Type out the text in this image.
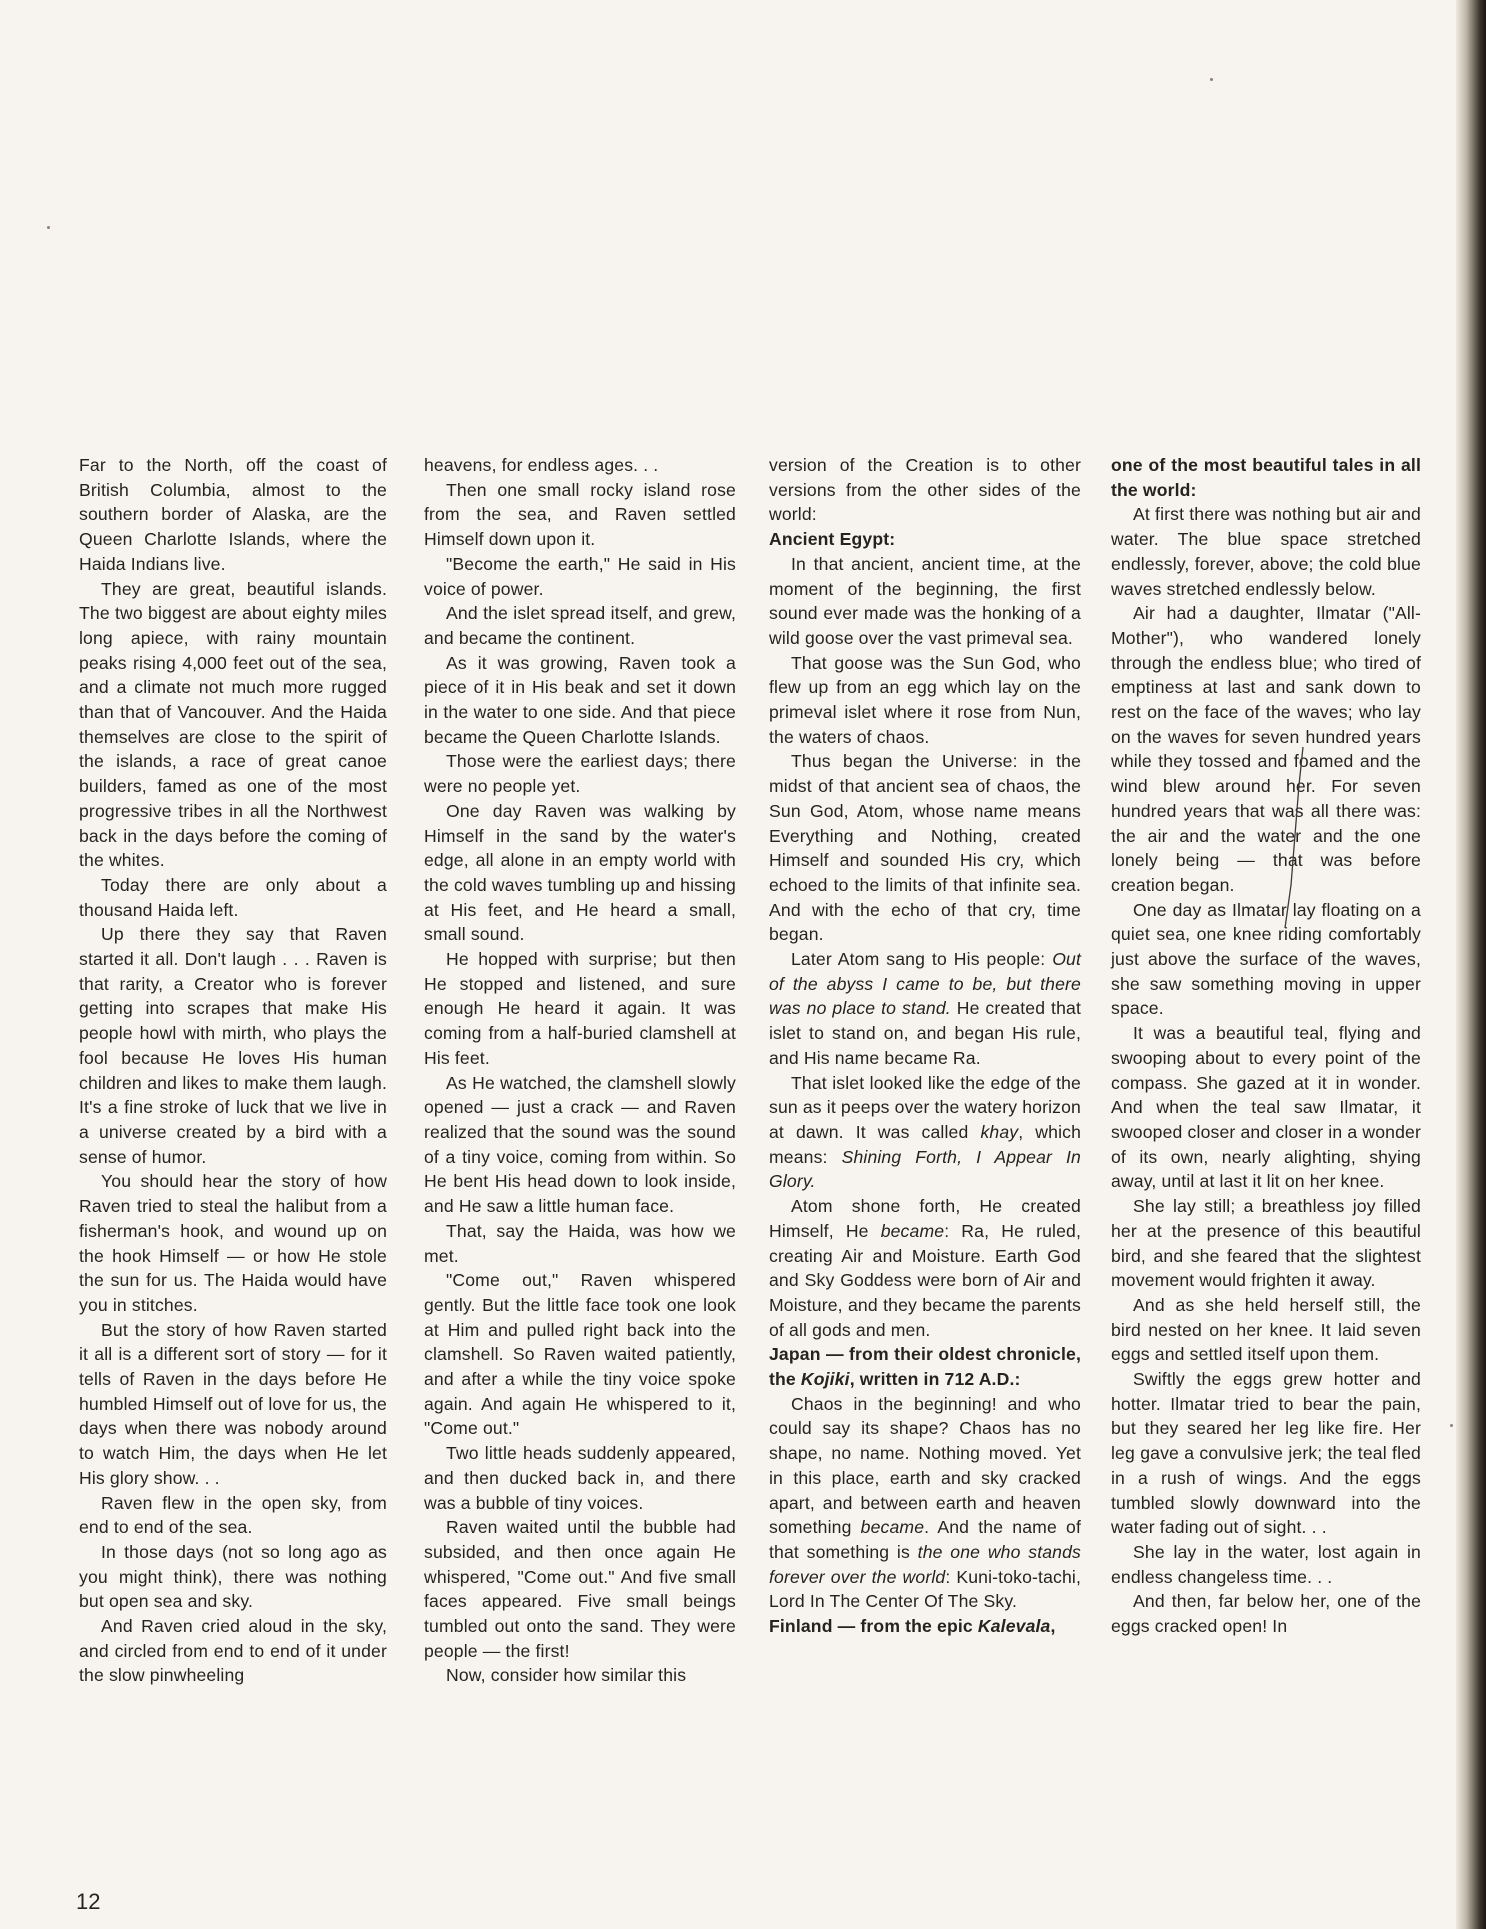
Far to the North, off the coast of British Columbia, almost to the southern border of Alaska, are the Queen Charlotte Islands, where the Haida Indians live.

They are great, beautiful islands. The two biggest are about eighty miles long apiece, with rainy mountain peaks rising 4,000 feet out of the sea, and a climate not much more rugged than that of Vancouver. And the Haida themselves are close to the spirit of the islands, a race of great canoe builders, famed as one of the most progressive tribes in all the Northwest back in the days before the coming of the whites.

Today there are only about a thousand Haida left.

Up there they say that Raven started it all. Don't laugh . . . Raven is that rarity, a Creator who is forever getting into scrapes that make His people howl with mirth, who plays the fool because He loves His human children and likes to make them laugh. It's a fine stroke of luck that we live in a universe created by a bird with a sense of humor.

You should hear the story of how Raven tried to steal the halibut from a fisherman's hook, and wound up on the hook Himself — or how He stole the sun for us. The Haida would have you in stitches.

But the story of how Raven started it all is a different sort of story — for it tells of Raven in the days before He humbled Himself out of love for us, the days when there was nobody around to watch Him, the days when He let His glory show. . .

Raven flew in the open sky, from end to end of the sea.

In those days (not so long ago as you might think), there was nothing but open sea and sky.

And Raven cried aloud in the sky, and circled from end to end of it under the slow pinwheeling

heavens, for endless ages. . .

Then one small rocky island rose from the sea, and Raven settled Himself down upon it.

"Become the earth," He said in His voice of power.

And the islet spread itself, and grew, and became the continent.

As it was growing, Raven took a piece of it in His beak and set it down in the water to one side. And that piece became the Queen Charlotte Islands.

Those were the earliest days; there were no people yet.

One day Raven was walking by Himself in the sand by the water's edge, all alone in an empty world with the cold waves tumbling up and hissing at His feet, and He heard a small, small sound.

He hopped with surprise; but then He stopped and listened, and sure enough He heard it again. It was coming from a half-buried clamshell at His feet.

As He watched, the clamshell slowly opened — just a crack — and Raven realized that the sound was the sound of a tiny voice, coming from within. So He bent His head down to look inside, and He saw a little human face.

That, say the Haida, was how we met.

"Come out," Raven whispered gently. But the little face took one look at Him and pulled right back into the clamshell. So Raven waited patiently, and after a while the tiny voice spoke again. And again He whispered to it, "Come out."

Two little heads suddenly appeared, and then ducked back in, and there was a bubble of tiny voices.

Raven waited until the bubble had subsided, and then once again He whispered, "Come out." And five small faces appeared. Five small beings tumbled out onto the sand. They were people — the first!

Now, consider how similar this

version of the Creation is to other versions from the other sides of the world:

Ancient Egypt:

In that ancient, ancient time, at the moment of the beginning, the first sound ever made was the honking of a wild goose over the vast primeval sea.

That goose was the Sun God, who flew up from an egg which lay on the primeval islet where it rose from Nun, the waters of chaos.

Thus began the Universe: in the midst of that ancient sea of chaos, the Sun God, Atom, whose name means Everything and Nothing, created Himself and sounded His cry, which echoed to the limits of that infinite sea. And with the echo of that cry, time began.

Later Atom sang to His people: Out of the abyss I came to be, but there was no place to stand. He created that islet to stand on, and began His rule, and His name became Ra.

That islet looked like the edge of the sun as it peeps over the watery horizon at dawn. It was called khay, which means: Shining Forth, I Appear In Glory.

Atom shone forth, He created Himself, He became: Ra, He ruled, creating Air and Moisture. Earth God and Sky Goddess were born of Air and Moisture, and they became the parents of all gods and men.

Japan — from their oldest chronicle, the Kojiki, written in 712 A.D.:

Chaos in the beginning! and who could say its shape? Chaos has no shape, no name. Nothing moved. Yet in this place, earth and sky cracked apart, and between earth and heaven something became. And the name of that something is the one who stands forever over the world: Kuni-toko-tachi, Lord In The Center Of The Sky.

Finland — from the epic Kalevala,

one of the most beautiful tales in all the world:

At first there was nothing but air and water. The blue space stretched endlessly, forever, above; the cold blue waves stretched endlessly below.

Air had a daughter, Ilmatar ("All-Mother"), who wandered lonely through the endless blue; who tired of emptiness at last and sank down to rest on the face of the waves; who lay on the waves for seven hundred years while they tossed and foamed and the wind blew around her. For seven hundred years that was all there was: the air and the water and the one lonely being — that was before creation began.

One day as Ilmatar lay floating on a quiet sea, one knee riding comfortably just above the surface of the waves, she saw something moving in upper space.

It was a beautiful teal, flying and swooping about to every point of the compass. She gazed at it in wonder. And when the teal saw Ilmatar, it swooped closer and closer in a wonder of its own, nearly alighting, shying away, until at last it lit on her knee.

She lay still; a breathless joy filled her at the presence of this beautiful bird, and she feared that the slightest movement would frighten it away.

And as she held herself still, the bird nested on her knee. It laid seven eggs and settled itself upon them.

Swiftly the eggs grew hotter and hotter. Ilmatar tried to bear the pain, but they seared her leg like fire. Her leg gave a convulsive jerk; the teal fled in a rush of wings. And the eggs tumbled slowly downward into the water fading out of sight. . .

She lay in the water, lost again in endless changeless time. . .

And then, far below her, one of the eggs cracked open! In

12
